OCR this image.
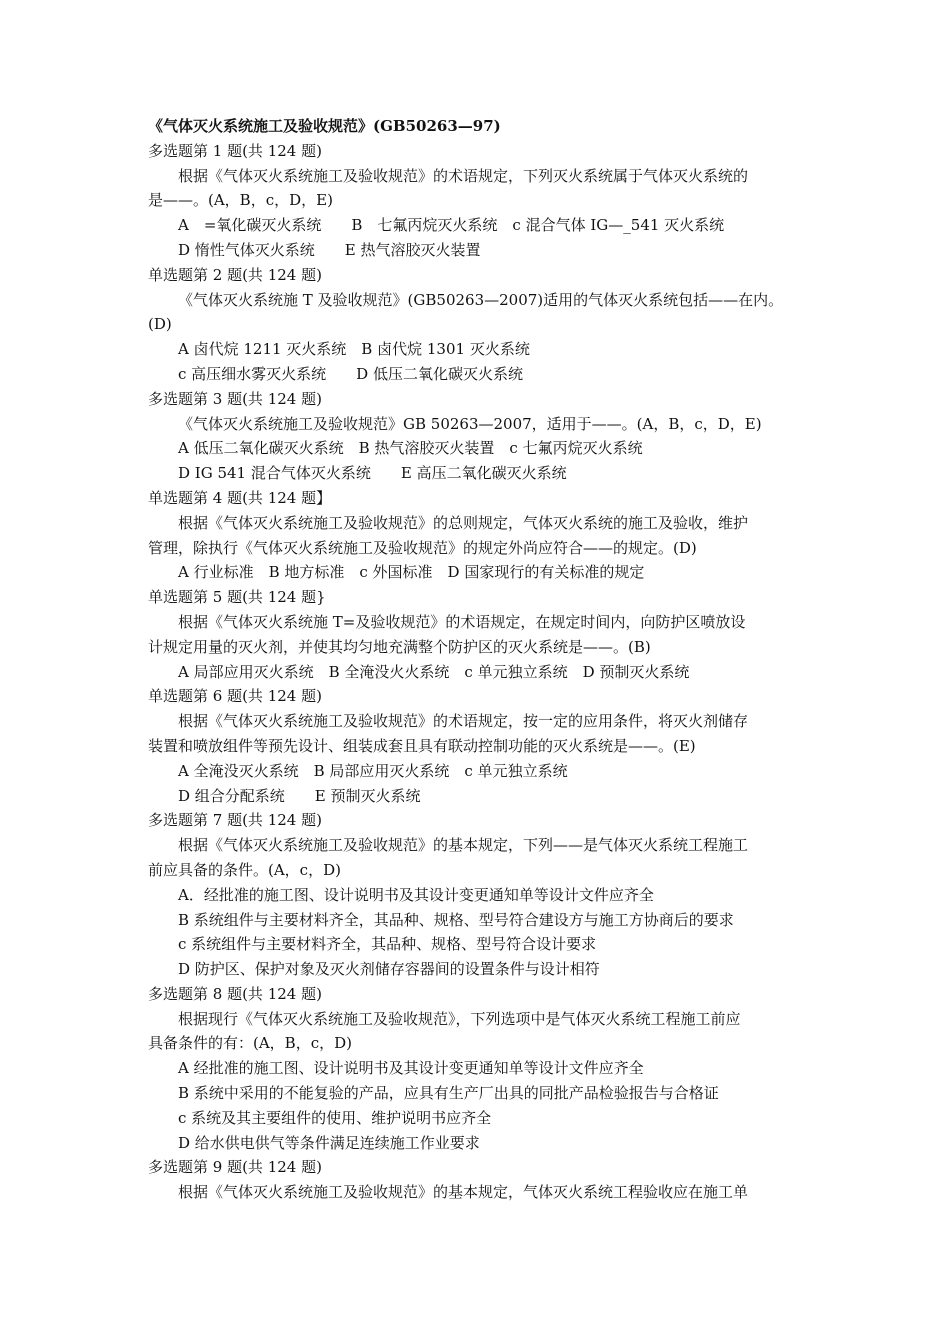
《气体灭火系统施工及验收规范》(GB50263—97)
多选题第 1 题(共 124 题)
根据《气体灭火系统施工及验收规范》的术语规定，下列灭火系统属于气体灭火系统的
是——。(A，B，c，D，E)
A　=氧化碳灭火系统　　B　七氟丙烷灭火系统　c 混合气体 IG—_541 灭火系统
D 惰性气体灭火系统　　E 热气溶胶灭火装置
单选题第 2 题(共 124 题)
《气体灭火系统施 T 及验收规范》(GB50263—2007)适用的气体灭火系统包括——在内。
(D)
A 卤代烷 1211 灭火系统　B 卤代烷 1301 灭火系统
c 高压细水雾灭火系统　　D 低压二氧化碳灭火系统
多选题第 3 题(共 124 题)
《气体灭火系统施工及验收规范》GB 50263—2007，适用于——。(A，B，c，D，E)
A 低压二氧化碳灭火系统　B 热气溶胶灭火装置　c 七氟丙烷灭火系统
D IG 541 混合气体灭火系统　　E 高压二氧化碳灭火系统
单选题第 4 题(共 124 题】
根据《气体灭火系统施工及验收规范》的总则规定，气体灭火系统的施工及验收，维护
管理，除执行《气体灭火系统施工及验收规范》的规定外尚应符合——的规定。(D)
A 行业标准　B 地方标准　c 外国标准　D 国家现行的有关标准的规定
单选题第 5 题(共 124 题}
根据《气体灭火系统施 T=及验收规范》的术语规定，在规定时间内，向防护区喷放设
计规定用量的灭火剂，并使其均匀地充满整个防护区的灭火系统是——。(B)
A 局部应用灭火系统　B 全淹没火火系统　c 单元独立系统　D 预制灭火系统
单选题第 6 题(共 124 题)
根据《气体灭火系统施工及验收规范》的术语规定，按一定的应用条件，将灭火剂储存
装置和喷放组件等预先设计、组装成套且具有联动控制功能的灭火系统是——。(E)
A 全淹没灭火系统　B 局部应用灭火系统　c 单元独立系统
D 组合分配系统　　E 预制灭火系统
多选题第 7 题(共 124 题)
根据《气体灭火系统施工及验收规范》的基本规定，下列——是气体灭火系统工程施工
前应具备的条件。(A，c，D)
A．经批准的施工图、设计说明书及其设计变更通知单等设计文件应齐全
B 系统组件与主要材料齐全，其品种、规格、型号符合建设方与施工方协商后的要求
c 系统组件与主要材料齐全，其品种、规格、型号符合设计要求
D 防护区、保护对象及灭火剂储存容器间的设置条件与设计相符
多选题第 8 题(共 124 题)
根据现行《气体灭火系统施工及验收规范》，下列选项中是气体灭火系统工程施工前应
具备条件的有：(A，B，c，D)
A 经批准的施工图、设计说明书及其设计变更通知单等设计文件应齐全
B 系统中采用的不能复验的产品，应具有生产厂出具的同批产品检验报告与合格证
c 系统及其主要组件的使用、维护说明书应齐全
D 给水供电供气等条件满足连续施工作业要求
多选题第 9 题(共 124 题)
根据《气体灭火系统施工及验收规范》的基本规定，气体灭火系统工程验收应在施工单
